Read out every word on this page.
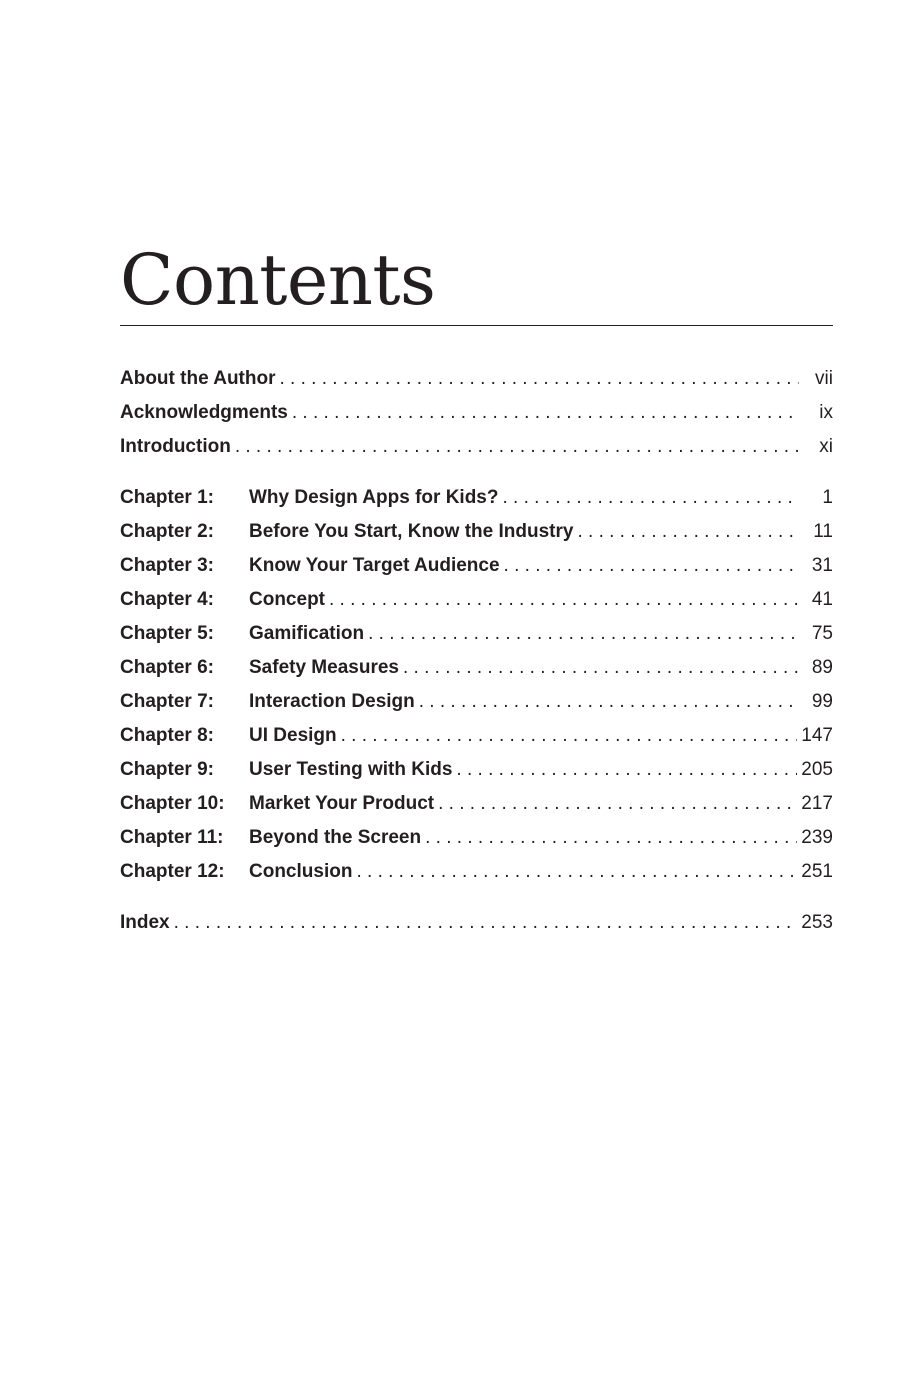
Contents
About the Author . . .	vii
Acknowledgments . . .	ix
Introduction . . .	xi
Chapter 1:	Why Design Apps for Kids? . . .	1
Chapter 2:	Before You Start, Know the Industry . . .	11
Chapter 3:	Know Your Target Audience . . .	31
Chapter 4:	Concept . . .	41
Chapter 5:	Gamification . . .	75
Chapter 6:	Safety Measures . . .	89
Chapter 7:	Interaction Design . . .	99
Chapter 8:	UI Design . . .	147
Chapter 9:	User Testing with Kids . . .	205
Chapter 10:	Market Your Product . . .	217
Chapter 11:	Beyond the Screen . . .	239
Chapter 12:	Conclusion . . .	251
Index . . .	253
